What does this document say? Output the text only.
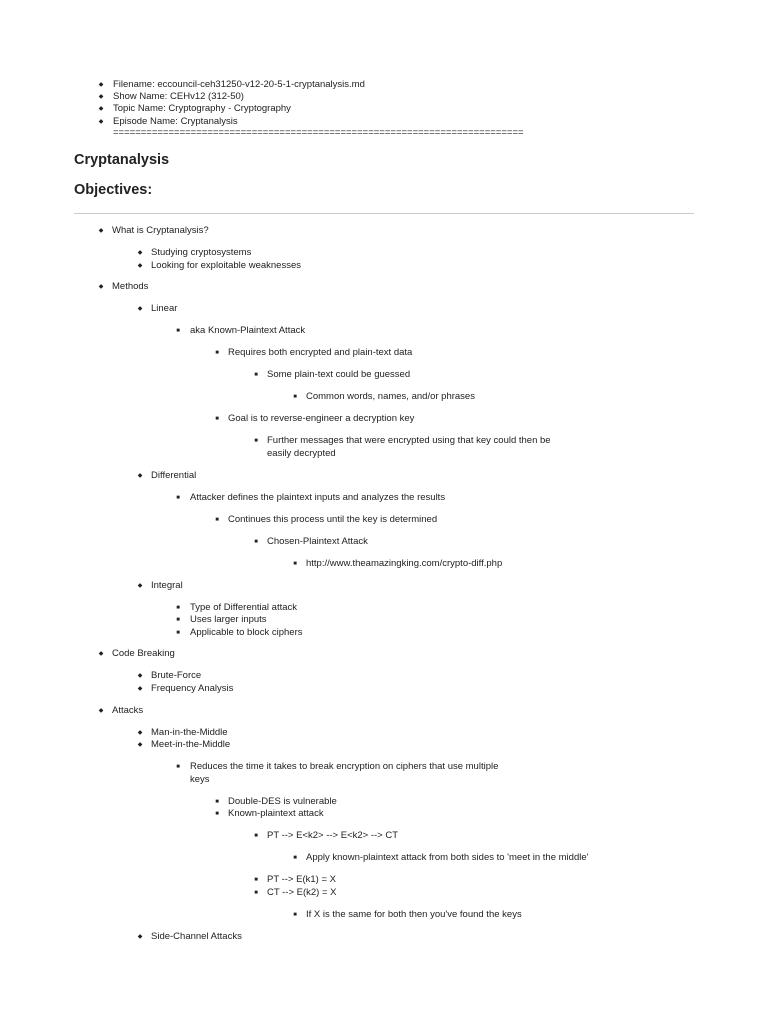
◆
Filename: eccouncil-ceh31250-v12-20-5-1-cryptanalysis.md
◆
Show Name: CEHv12 (312-50)
◆
Topic Name: Cryptography - Cryptography
◆
Episode Name: Cryptanalysis
==========================================================================
Cryptanalysis
Objectives:
◆
What is Cryptanalysis?
◆
Studying cryptosystems
◆
Looking for exploitable weaknesses
◆
Methods
◆
Linear
■
aka Known-Plaintext Attack
■
Requires both encrypted and plain-text data
■
Some plain-text could be guessed
■
Common words, names, and/or phrases
■
Goal is to reverse-engineer a decryption key
■
Further messages that were encrypted using that key could then be
easily decrypted
◆
Differential
■
Attacker defines the plaintext inputs and analyzes the results
■
Continues this process until the key is determined
■
Chosen-Plaintext Attack
■
http://www.theamazingking.com/crypto-diff.php
◆
Integral
■
Type of Differential attack
■
Uses larger inputs
■
Applicable to block ciphers
◆
Code Breaking
◆
Brute-Force
◆
Frequency Analysis
◆
Attacks
◆
Man-in-the-Middle
◆
Meet-in-the-Middle
■
Reduces the time it takes to break encryption on ciphers that use multiple
keys
■
Double-DES is vulnerable
■
Known-plaintext attack
■
PT --> E<k2> --> E<k2> --> CT
■
Apply known-plaintext attack from both sides to 'meet in the middle'
■
PT --> E(k1) = X
■
CT --> E(k2) = X
■
If X is the same for both then you've found the keys
◆
Side-Channel Attacks
